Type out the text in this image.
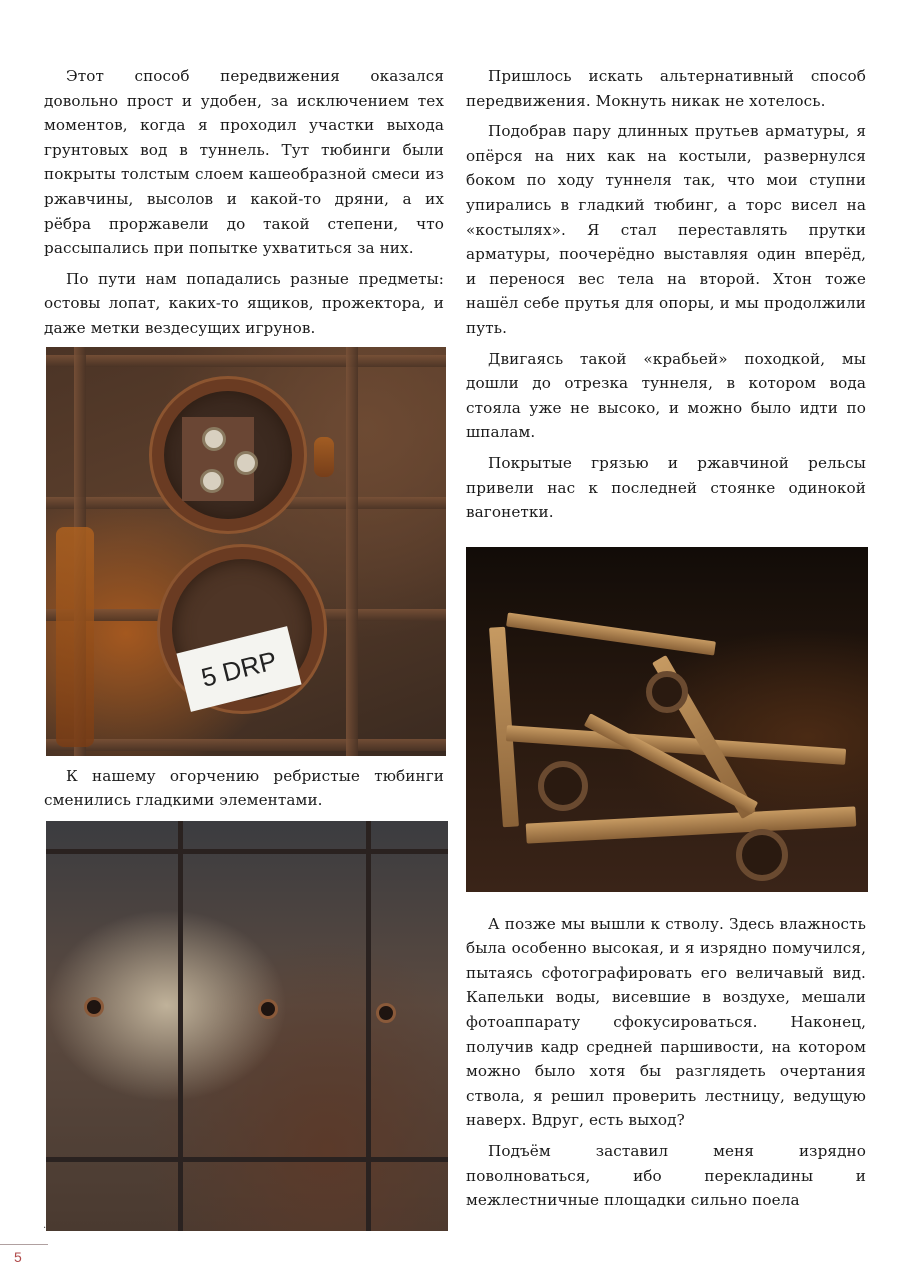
Этот способ передвижения оказался довольно прост и удобен, за исключением тех моментов, когда я проходил участки выхода грунтовых вод в туннель. Тут тюбинги были покрыты толстым слоем кашеобразной смеси из ржавчины, высолов и какой-то дряни, а их рёбра проржавели до такой степени, что рассыпались при попытке ухватиться за них.

По пути нам попадались разные предметы: остовы лопат, каких-то ящиков, прожектора, и даже метки вездесущих игрунов.

5 DRP

К нашему огорчению ребристые тюбинги сменились гладкими элементами.

Пришлось искать альтернативный способ передвижения. Мокнуть никак не хотелось.

Подобрав пару длинных прутьев арматуры, я опёрся на них как на костыли, развернулся боком по ходу туннеля так, что мои ступни упирались в гладкий тюбинг, а торс висел на «костылях». Я стал переставлять прутки арматуры, поочерёдно выставляя один вперёд, и перенося вес тела на второй. Хтон тоже нашёл себе прутья для опоры, и мы продолжили путь.

Двигаясь такой «крабьей» походкой, мы дошли до отрезка туннеля, в котором вода стояла уже не высоко, и можно было идти по шпалам.

Покрытые грязью и ржавчиной рельсы привели нас к последней стоянке одинокой вагонетки.

А позже мы вышли к стволу. Здесь влажность была особенно высокая, и я изрядно помучился, пытаясь сфотографировать его величавый вид. Капельки воды, висевшие в воздухе, мешали фотоаппарату сфокусироваться. Наконец, получив кадр средней паршивости, на котором можно было хотя бы разглядеть очертания ствола, я решил проверить лестницу, ведущую наверх. Вдруг, есть выход?

Подъём заставил меня изрядно поволноваться, ибо перекладины и межлестничные площадки сильно поела

.
5
